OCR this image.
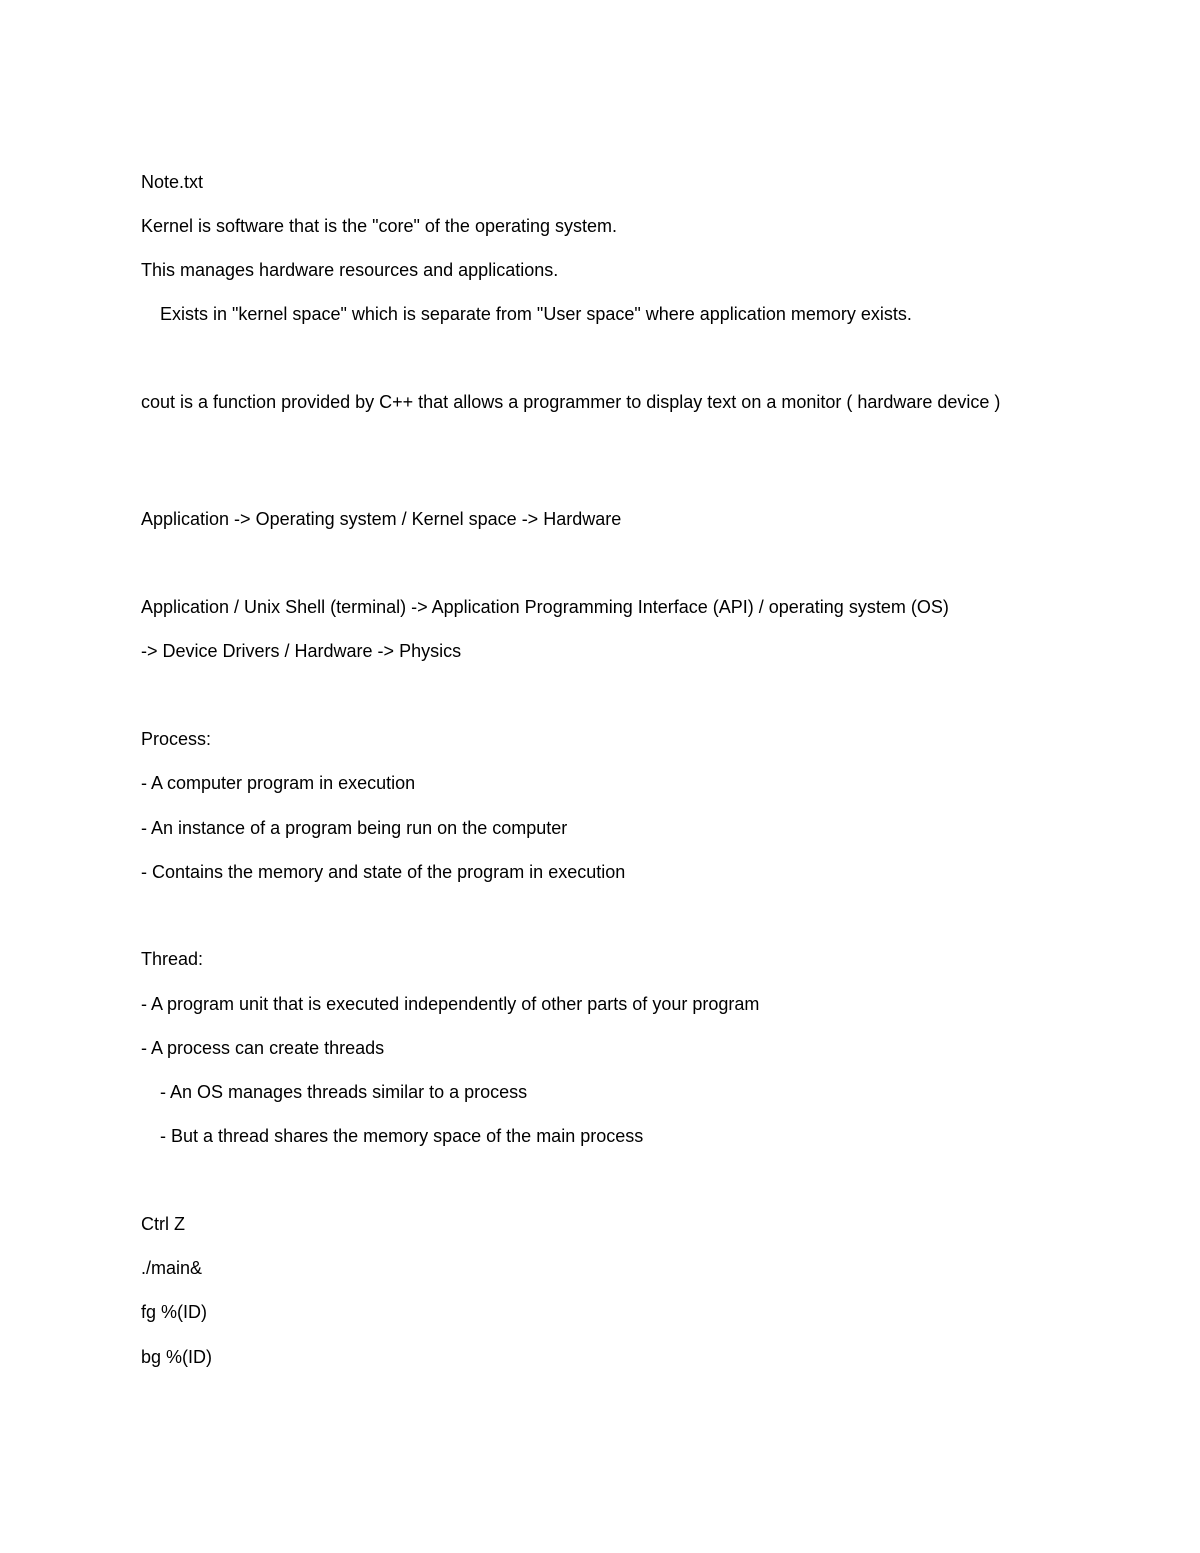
Note.txt
Kernel is software that is the "core" of the operating system.
This manages hardware resources and applications.
Exists in "kernel space" which is separate from "User space" where application memory exists.
cout is a function provided by C++ that allows a programmer to display text on a monitor ( hardware device )
Application -> Operating system / Kernel space -> Hardware
Application / Unix Shell (terminal) -> Application Programming Interface (API) / operating system (OS)
-> Device Drivers / Hardware -> Physics
Process:
- A computer program in execution
- An instance of a program being run on the computer
- Contains the memory and state of the program in execution
Thread:
- A program unit that is executed independently of other parts of your program
- A process can create threads
- An OS manages threads similar to a process
- But a thread shares the memory space of the main process
Ctrl Z
./main&
fg %(ID)
bg %(ID)
